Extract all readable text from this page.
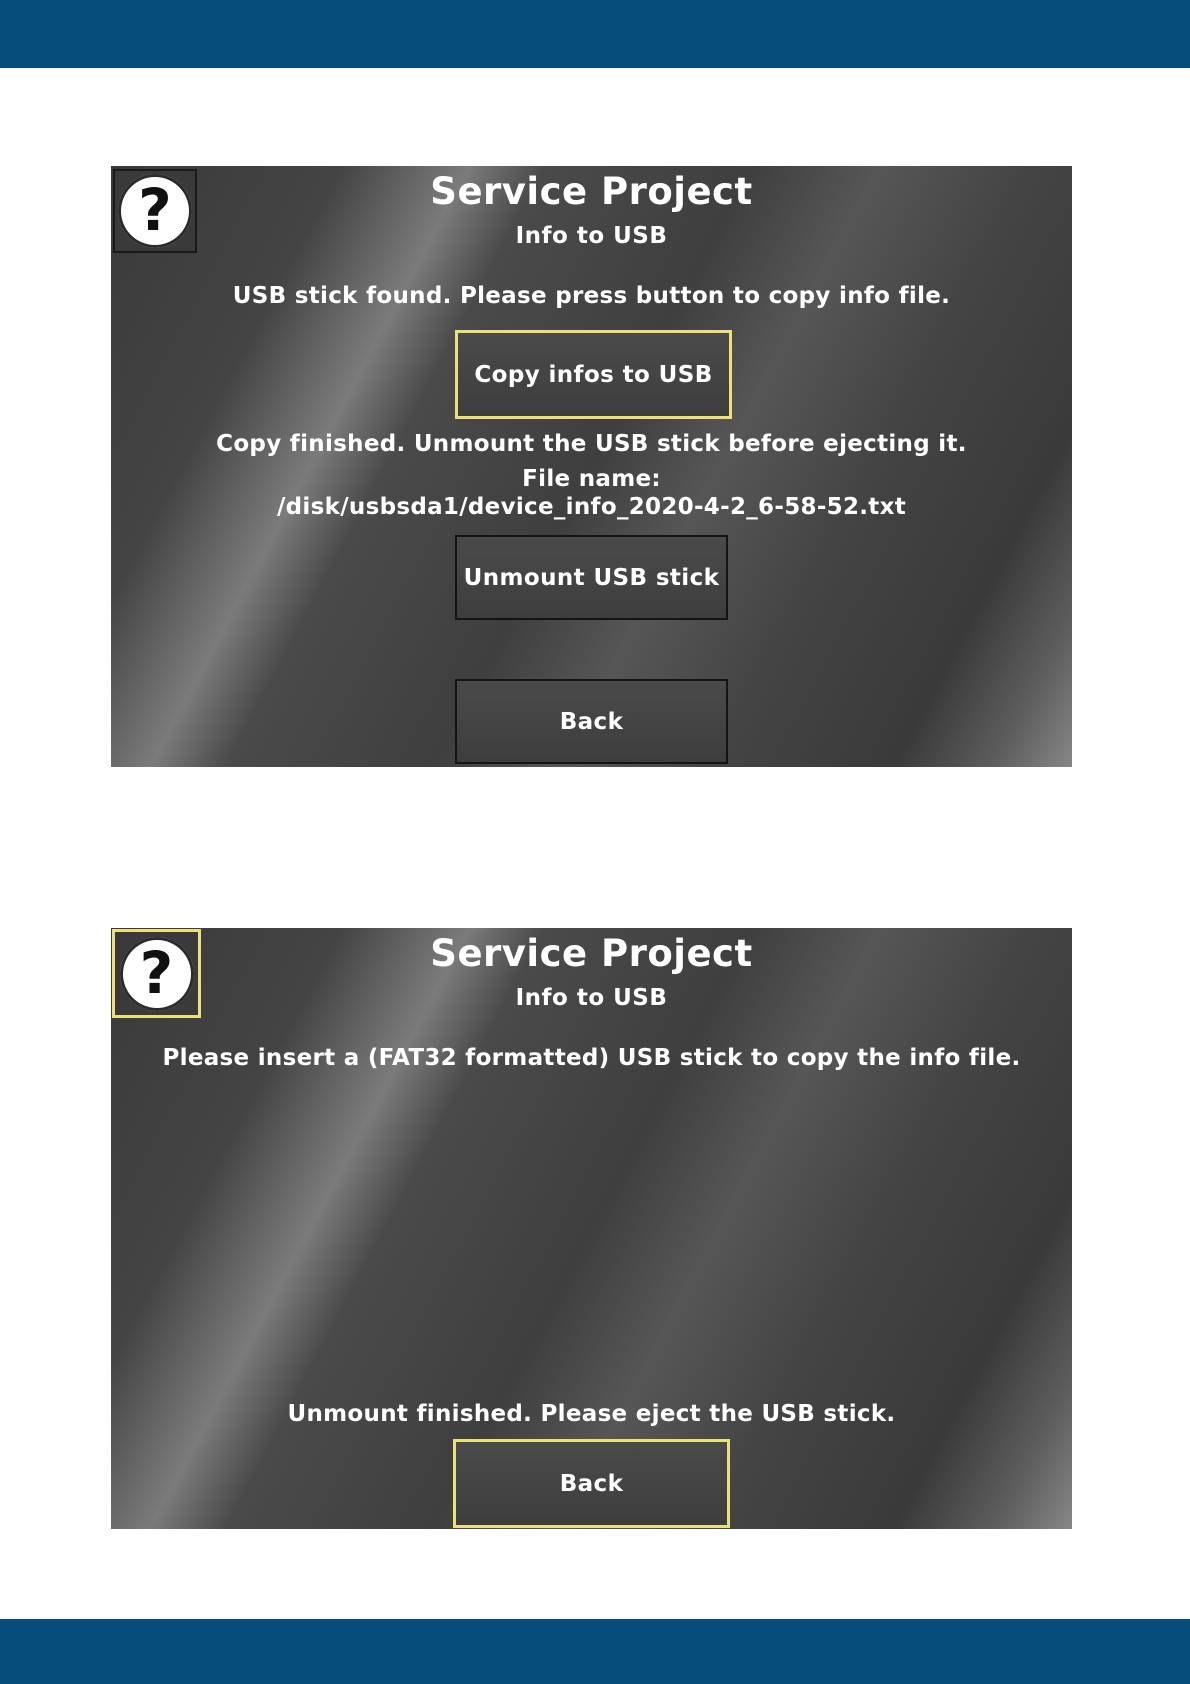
?	Service Project
Info to USB
USB stick found. Please press button to copy info file.
Copy infos to USB
Copy finished. Unmount the USB stick before ejecting it.
File name:
/disk/usbsda1/device_info_2020-4-2_6-58-52.txt
Unmount USB stick
Back
?	Service Project
Info to USB
Please insert a (FAT32 formatted) USB stick to copy the info file.
Unmount finished. Please eject the USB stick.
Back
